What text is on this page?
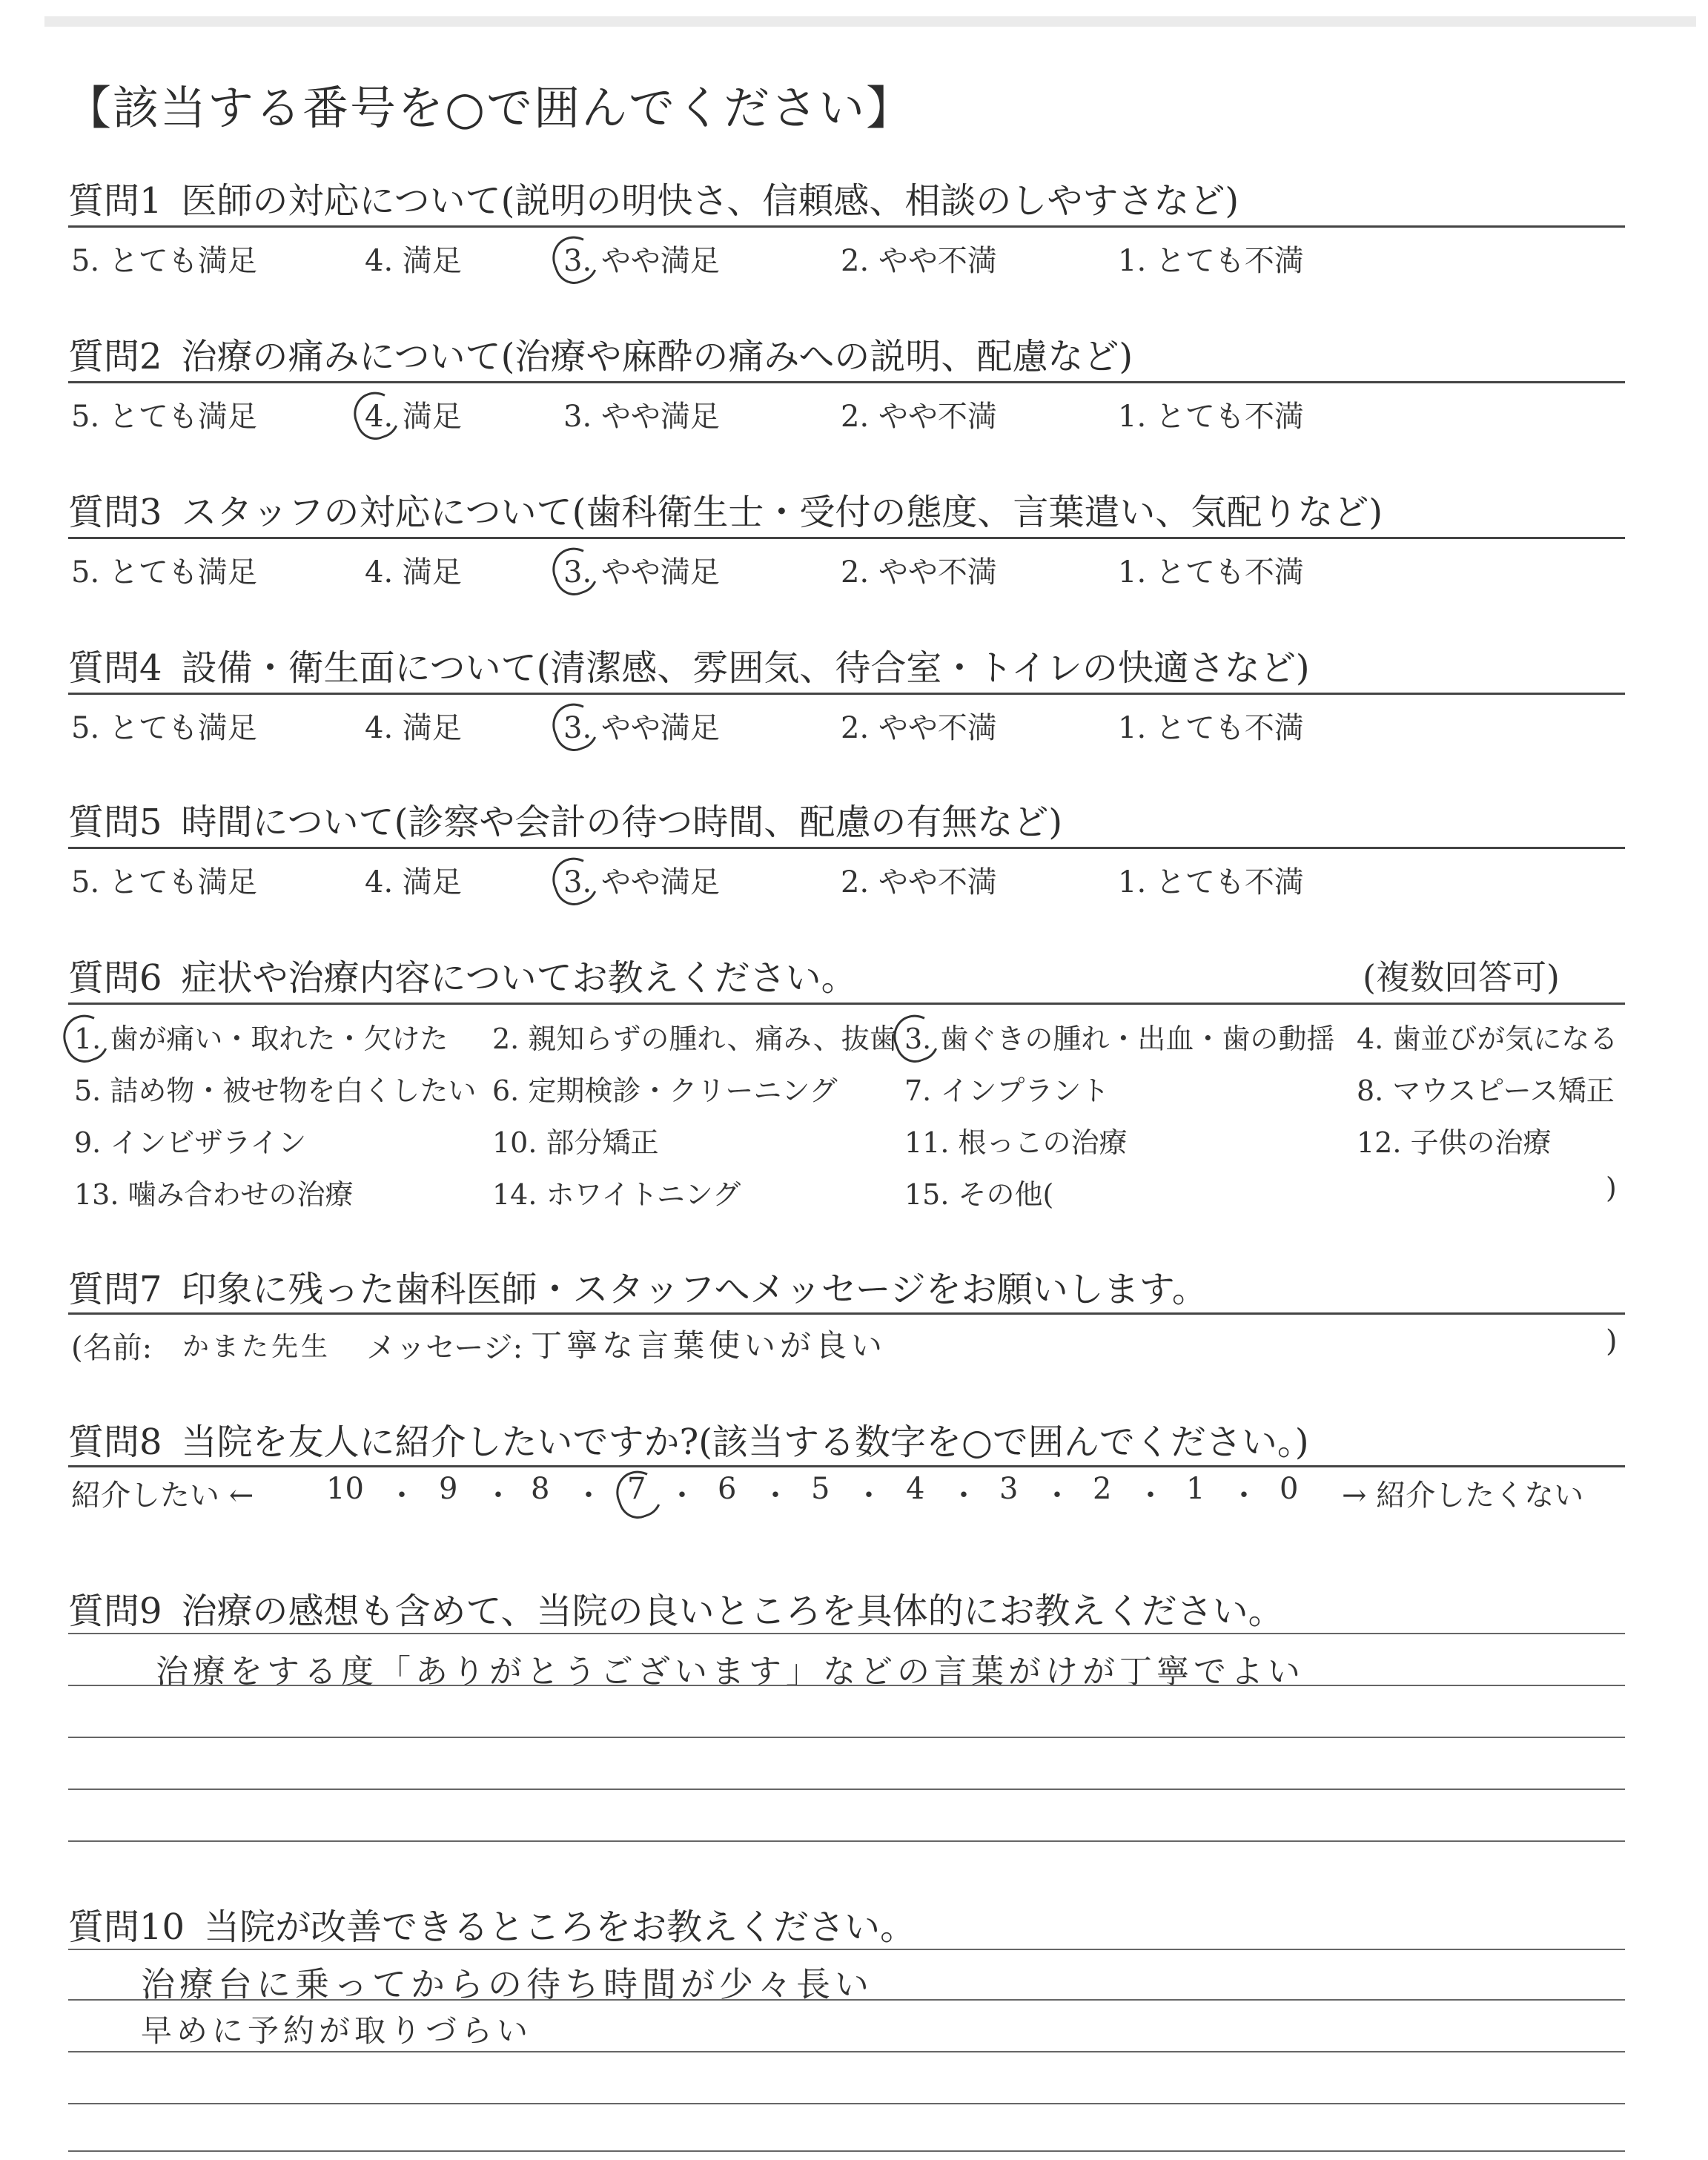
【該当する番号を○で囲んでください】
質問1 医師の対応について(説明の明快さ、信頼感、相談のしやすさなど)
5. とても満足	4. 満足	3. やや満足	2. やや不満	1. とても不満
質問2 治療の痛みについて(治療や麻酔の痛みへの説明、配慮など)
5. とても満足	4. 満足	3. やや満足	2. やや不満	1. とても不満
質問3 スタッフの対応について(歯科衛生士・受付の態度、言葉遣い、気配りなど)
5. とても満足	4. 満足	3. やや満足	2. やや不満	1. とても不満
質問4 設備・衛生面について(清潔感、雰囲気、待合室・トイレの快適さなど)
5. とても満足	4. 満足	3. やや満足	2. やや不満	1. とても不満
質問5 時間について(診察や会計の待つ時間、配慮の有無など)
5. とても満足	4. 満足	3. やや満足	2. やや不満	1. とても不満
質問6 症状や治療内容についてお教えください。	(複数回答可)
1. 歯が痛い・取れた・欠けた 2. 親知らずの腫れ、痛み、抜歯 3. 歯ぐきの腫れ・出血・歯の動揺 4. 歯並びが気になる
5. 詰め物・被せ物を白くしたい 6. 定期検診・クリーニング 7. インプラント	8. マウスピース矯正
9. インビザライン	10. 部分矯正	11. 根っこの治療	12. 子供の治療
13. 噛み合わせの治療	14. ホワイトニング	15. その他(	)
質問7 印象に残った歯科医師・スタッフへメッセージをお願いします。
(名前: かまた先生 メッセージ: 丁寧な言葉使いが良い	)
質問8 当院を友人に紹介したいですか?(該当する数字を○で囲んでください。)
紹介したい ← 10 ・ 9 ・ 8 ・ 7 ・ 6 ・ 5 ・ 4 ・ 3 ・ 2 ・ 1 ・ 0 → 紹介したくない
質問9 治療の感想も含めて、当院の良いところを具体的にお教えください。
治療をする度「ありがとうございます」などの言葉がけが丁寧でよい
質問10 当院が改善できるところをお教えください。
治療台に乗ってからの待ち時間が少々長い
早めに予約が取りづらい
